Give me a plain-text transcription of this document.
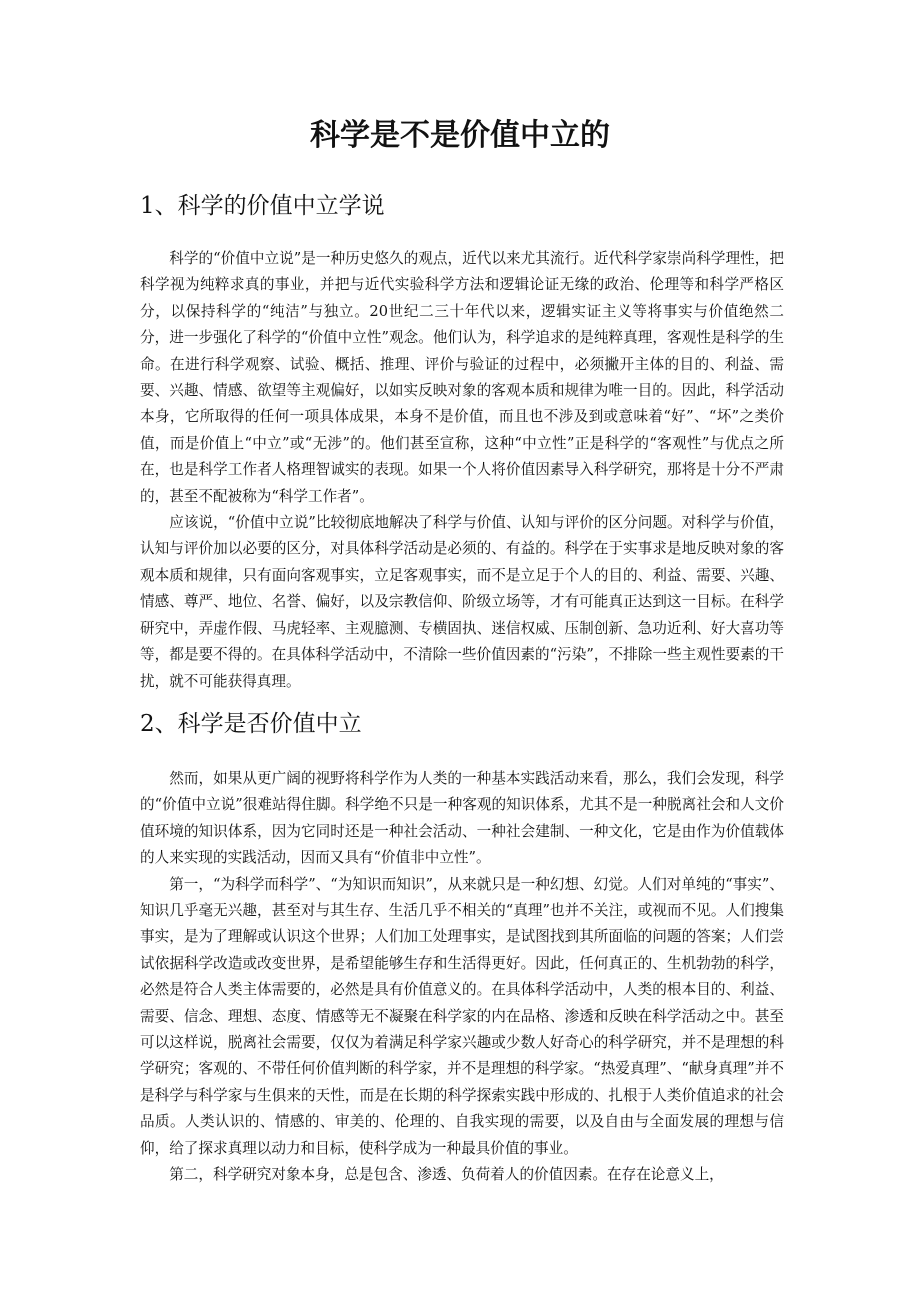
科学是不是价值中立的
1、科学的价值中立学说

科学的“价值中立说”是一种历史悠久的观点，近代以来尤其流行。近代科学家崇尚科学理性，把科学视为纯粹求真的事业，并把与近代实验科学方法和逻辑论证无缘的政治、伦理等和科学严格区分，以保持科学的“纯洁”与独立。20世纪二三十年代以来，逻辑实证主义等将事实与价值绝然二分，进一步强化了科学的“价值中立性”观念。他们认为，科学追求的是纯粹真理，客观性是科学的生命。在进行科学观察、试验、概括、推理、评价与验证的过程中，必须撇开主体的目的、利益、需要、兴趣、情感、欲望等主观偏好，以如实反映对象的客观本质和规律为唯一目的。因此，科学活动本身，它所取得的任何一项具体成果，本身不是价值，而且也不涉及到或意味着“好”、“坏”之类价值，而是价值上“中立”或“无涉”的。他们甚至宣称，这种“中立性”正是科学的“客观性”与优点之所在，也是科学工作者人格理智诚实的表现。如果一个人将价值因素导入科学研究，那将是十分不严肃的，甚至不配被称为“科学工作者”。

应该说，“价值中立说”比较彻底地解决了科学与价值、认知与评价的区分问题。对科学与价值，认知与评价加以必要的区分，对具体科学活动是必须的、有益的。科学在于实事求是地反映对象的客观本质和规律，只有面向客观事实，立足客观事实，而不是立足于个人的目的、利益、需要、兴趣、情感、尊严、地位、名誉、偏好，以及宗教信仰、阶级立场等，才有可能真正达到这一目标。在科学研究中，弄虚作假、马虎轻率、主观臆测、专横固执、迷信权威、压制创新、急功近利、好大喜功等等，都是要不得的。在具体科学活动中，不清除一些价值因素的“污染”，不排除一些主观性要素的干扰，就不可能获得真理。

2、科学是否价值中立

然而，如果从更广阔的视野将科学作为人类的一种基本实践活动来看，那么，我们会发现，科学的“价值中立说”很难站得住脚。科学绝不只是一种客观的知识体系，尤其不是一种脱离社会和人文价值环境的知识体系，因为它同时还是一种社会活动、一种社会建制、一种文化，它是由作为价值载体的人来实现的实践活动，因而又具有“价值非中立性”。

第一，“为科学而科学”、“为知识而知识”，从来就只是一种幻想、幻觉。人们对单纯的“事实”、知识几乎毫无兴趣，甚至对与其生存、生活几乎不相关的“真理”也并不关注，或视而不见。人们搜集事实，是为了理解或认识这个世界；人们加工处理事实，是试图找到其所面临的问题的答案；人们尝试依据科学改造或改变世界，是希望能够生存和生活得更好。因此，任何真正的、生机勃勃的科学，必然是符合人类主体需要的，必然是具有价值意义的。在具体科学活动中，人类的根本目的、利益、需要、信念、理想、态度、情感等无不凝聚在科学家的内在品格、渗透和反映在科学活动之中。甚至可以这样说，脱离社会需要，仅仅为着满足科学家兴趣或少数人好奇心的科学研究，并不是理想的科学研究；客观的、不带任何价值判断的科学家，并不是理想的科学家。“热爱真理”、“献身真理”并不是科学与科学家与生俱来的天性，而是在长期的科学探索实践中形成的、扎根于人类价值追求的社会品质。人类认识的、情感的、审美的、伦理的、自我实现的需要，以及自由与全面发展的理想与信仰，给了探求真理以动力和目标，使科学成为一种最具价值的事业。

第二，科学研究对象本身，总是包含、渗透、负荷着人的价值因素。在存在论意义上，
